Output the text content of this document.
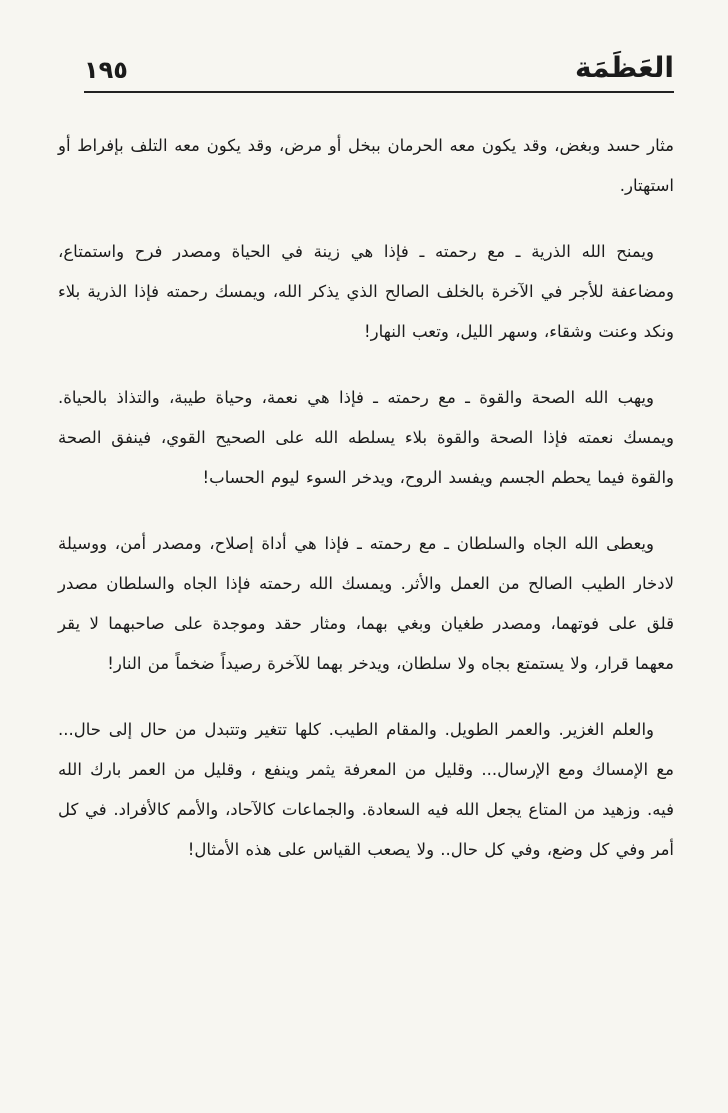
العَظَمَة
١٩٥

مثار حسد وبغض، وقد يكون معه الحرمان ببخل أو مرض، وقد يكون معه التلف بإفراط أو استهتار.

ويمنح الله الذرية ـ مع رحمته ـ فإذا هي زينة في الحياة ومصدر فرح واستمتاع، ومضاعفة للأجر في الآخرة بالخلف الصالح الذي يذكر الله، ويمسك رحمته فإذا الذرية بلاء ونكد وعنت وشقاء، وسهر الليل، وتعب النهار!

ويهب الله الصحة والقوة ـ مع رحمته ـ فإذا هي نعمة، وحياة طيبة، والتذاذ بالحياة. ويمسك نعمته فإذا الصحة والقوة بلاء يسلطه الله على الصحيح القوي، فينفق الصحة والقوة فيما يحطم الجسم ويفسد الروح، ويدخر السوء ليوم الحساب!

ويعطى الله الجاه والسلطان ـ مع رحمته ـ فإذا هي أداة إصلاح، ومصدر أمن، ووسيلة لادخار الطيب الصالح من العمل والأثر. ويمسك الله رحمته فإذا الجاه والسلطان مصدر قلق على فوتهما، ومصدر طغيان وبغي بهما، ومثار حقد وموجدة على صاحبهما لا يقر معهما قرار، ولا يستمتع بجاه ولا سلطان، ويدخر بهما للآخرة رصيداً ضخماً من النار!

والعلم الغزير. والعمر الطويل. والمقام الطيب. كلها تتغير وتتبدل من حال إلى حال... مع الإمساك ومع الإرسال... وقليل من المعرفة يثمر وينفع ، وقليل من العمر بارك الله فيه. وزهيد من المتاع يجعل الله فيه السعادة. والجماعات كالآحاد، والأمم كالأفراد. في كل أمر وفي كل وضع، وفي كل حال.. ولا يصعب القياس على هذه الأمثال!
